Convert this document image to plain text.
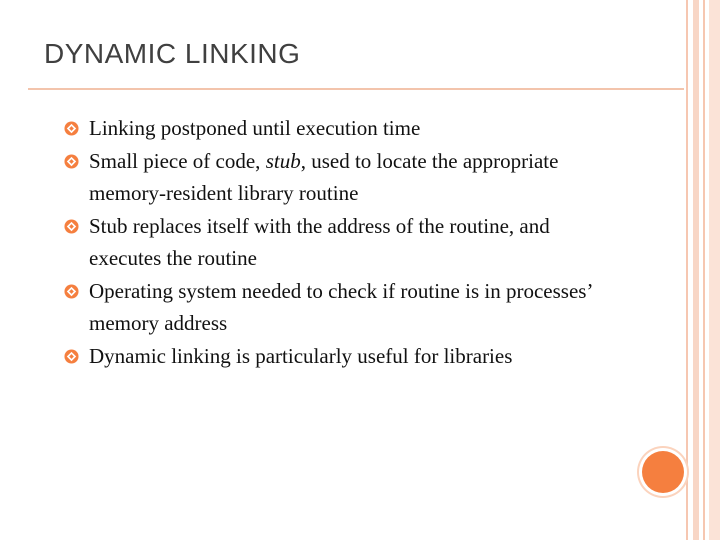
DYNAMIC LINKING
Linking postponed until execution time
Small piece of code, stub, used to locate the appropriate memory-resident library routine
Stub replaces itself with the address of the routine, and executes the routine
Operating system needed to check if routine is in processes’ memory address
Dynamic linking is particularly useful for libraries
